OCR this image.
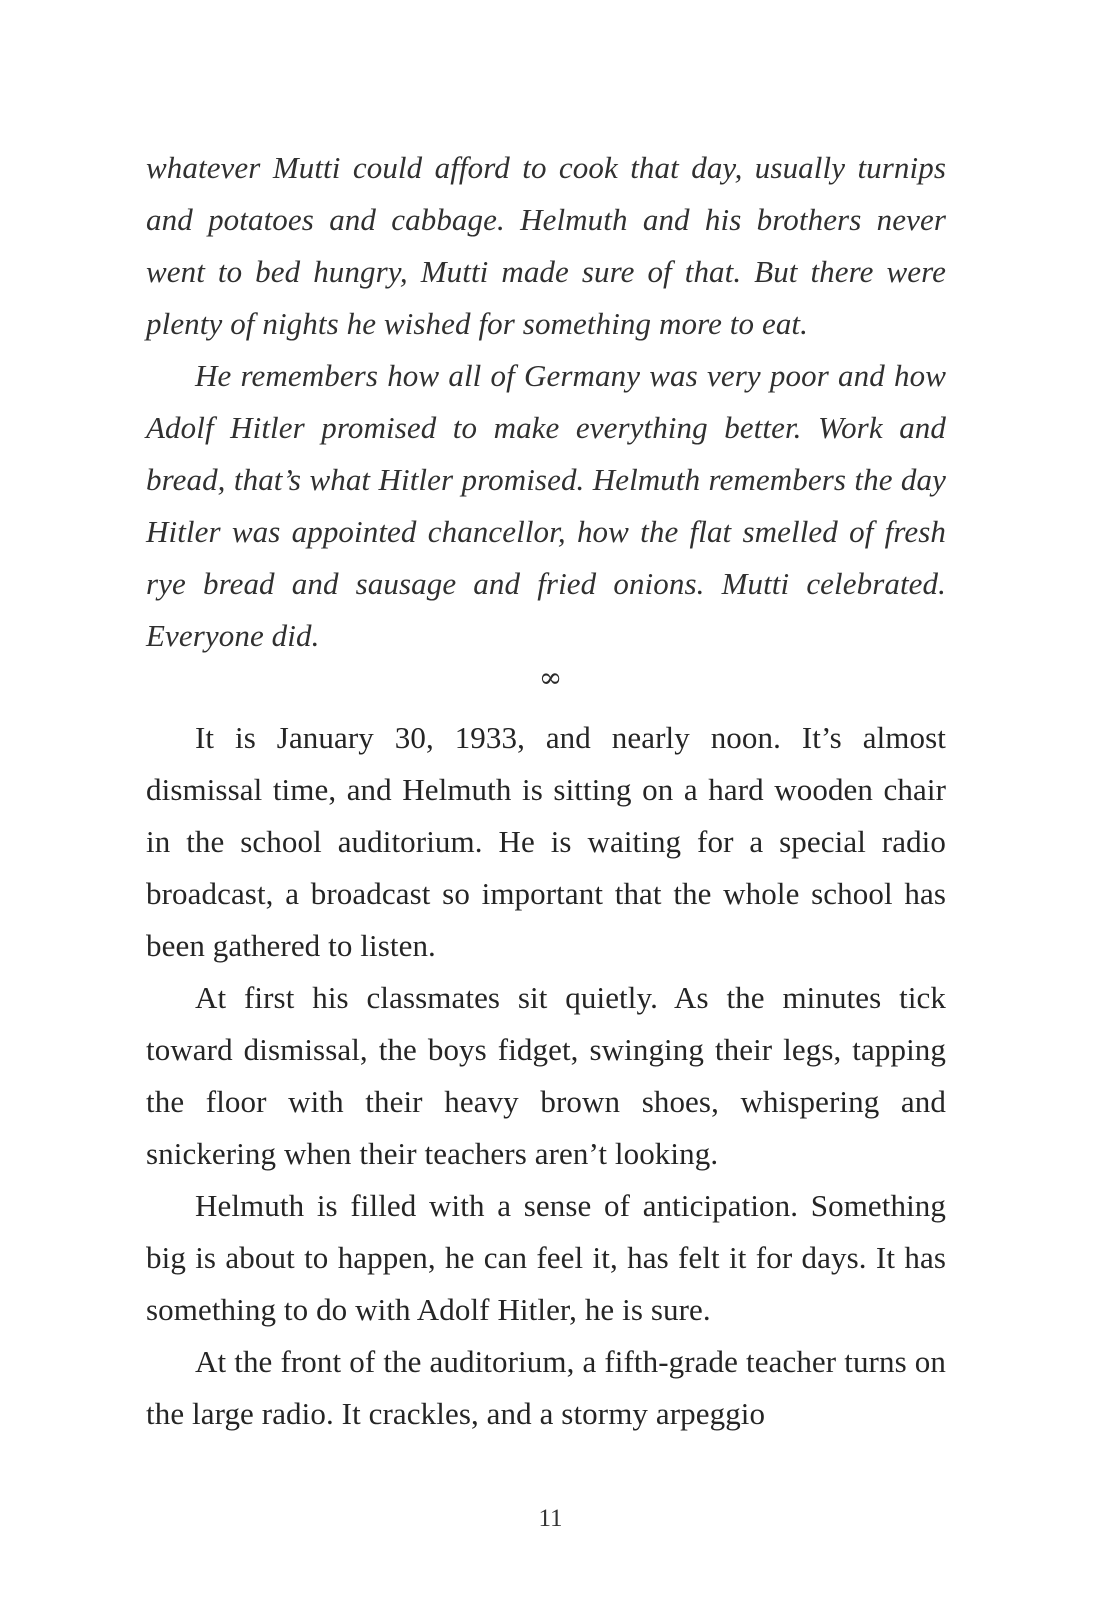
whatever Mutti could afford to cook that day, usually turnips and potatoes and cabbage. Helmuth and his brothers never went to bed hungry, Mutti made sure of that. But there were plenty of nights he wished for something more to eat.

He remembers how all of Germany was very poor and how Adolf Hitler promised to make everything better. Work and bread, that’s what Hitler promised. Helmuth remembers the day Hitler was appointed chancellor, how the flat smelled of fresh rye bread and sausage and fried onions. Mutti celebrated. Everyone did.

∞

It is January 30, 1933, and nearly noon. It’s almost dismissal time, and Helmuth is sitting on a hard wooden chair in the school auditorium. He is waiting for a special radio broadcast, a broadcast so important that the whole school has been gathered to listen.

At first his classmates sit quietly. As the minutes tick toward dismissal, the boys fidget, swinging their legs, tapping the floor with their heavy brown shoes, whispering and snickering when their teachers aren’t looking.

Helmuth is filled with a sense of anticipation. Something big is about to happen, he can feel it, has felt it for days. It has something to do with Adolf Hitler, he is sure.

At the front of the auditorium, a fifth-grade teacher turns on the large radio. It crackles, and a stormy arpeggio

11
